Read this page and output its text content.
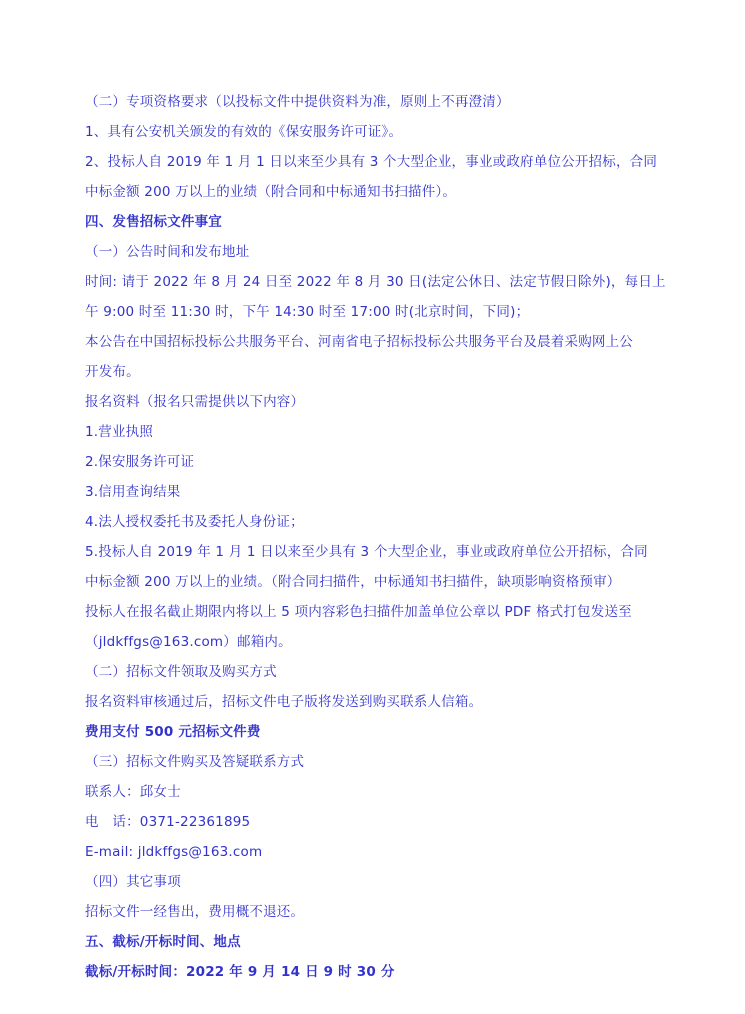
（二）专项资格要求（以投标文件中提供资料为准，原则上不再澄清）
1、具有公安机关颁发的有效的《保安服务许可证》。
2、投标人自 2019 年 1 月 1 日以来至少具有 3 个大型企业，事业或政府单位公开招标，合同
中标金额 200 万以上的业绩（附合同和中标通知书扫描件）。
四、发售招标文件事宜
（一）公告时间和发布地址
时间: 请于 2022 年 8 月 24 日至 2022 年 8 月 30 日(法定公休日、法定节假日除外)，每日上
午 9:00 时至 11:30 时，下午 14:30 时至 17:00 时(北京时间，下同)；
本公告在中国招标投标公共服务平台、河南省电子招标投标公共服务平台及晨着采购网上公
开发布。
报名资料（报名只需提供以下内容）
1.营业执照
2.保安服务许可证
3.信用查询结果
4.法人授权委托书及委托人身份证；
5.投标人自 2019 年 1 月 1 日以来至少具有 3 个大型企业，事业或政府单位公开招标，合同
中标金额 200 万以上的业绩。（附合同扫描件，中标通知书扫描件，缺项影响资格预审）
投标人在报名截止期限内将以上 5 项内容彩色扫描件加盖单位公章以 PDF 格式打包发送至
（jldkffgs@163.com）邮箱内。
（二）招标文件领取及购买方式
报名资料审核通过后，招标文件电子版将发送到购买联系人信箱。
费用支付 500 元招标文件费
（三）招标文件购买及答疑联系方式
联系人：邱女士
电　话：0371-22361895
E-mail: jldkffgs@163.com
（四）其它事项
招标文件一经售出，费用概不退还。
五、截标/开标时间、地点
截标/开标时间：2022 年 9 月 14 日 9 时 30 分
